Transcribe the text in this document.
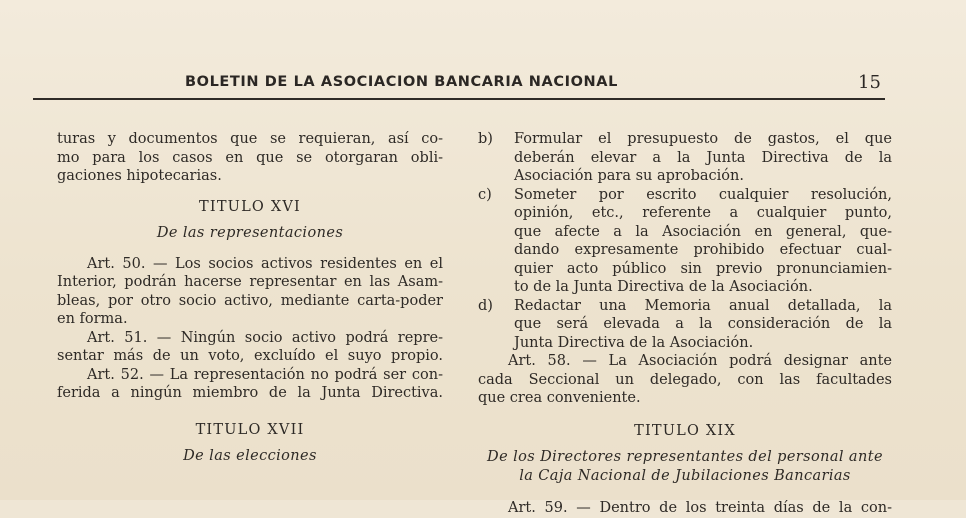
BOLETIN DE LA ASOCIACION BANCARIA NACIONAL	15
turas y documentos que se requieran, así co-
mo para los casos en que se otorgaran obli-
gaciones hipotecarias.
TITULO XVI
De las representaciones
Art. 50. — Los socios activos residentes en el
Interior, podrán hacerse representar en las Asam-
bleas, por otro socio activo, mediante carta-poder
en forma.
Art. 51. — Ningún socio activo podrá repre-
sentar más de un voto, excluído el suyo propio.
Art. 52. — La representación no podrá ser con-
ferida a ningún miembro de la Junta Directiva.
TITULO XVII
De las elecciones
b)	Formular el presupuesto de gastos, el que
deberán elevar a la Junta Directiva de la
Asociación para su aprobación.
c)	Someter por escrito cualquier resolución,
opinión, etc., referente a cualquier punto,
que afecte a la Asociación en general, que-
dando expresamente prohibido efectuar cual-
quier acto público sin previo pronunciamien-
to de la Junta Directiva de la Asociación.
d)	Redactar una Memoria anual detallada, la
que será elevada a la consideración de la
Junta Directiva de la Asociación.
Art. 58. — La Asociación podrá designar ante
cada Seccional un delegado, con las facultades
que crea conveniente.
TITULO XIX
De los Directores representantes del personal ante
la Caja Nacional de Jubilaciones Bancarias
Art. 59. — Dentro de los treinta días de la con-
